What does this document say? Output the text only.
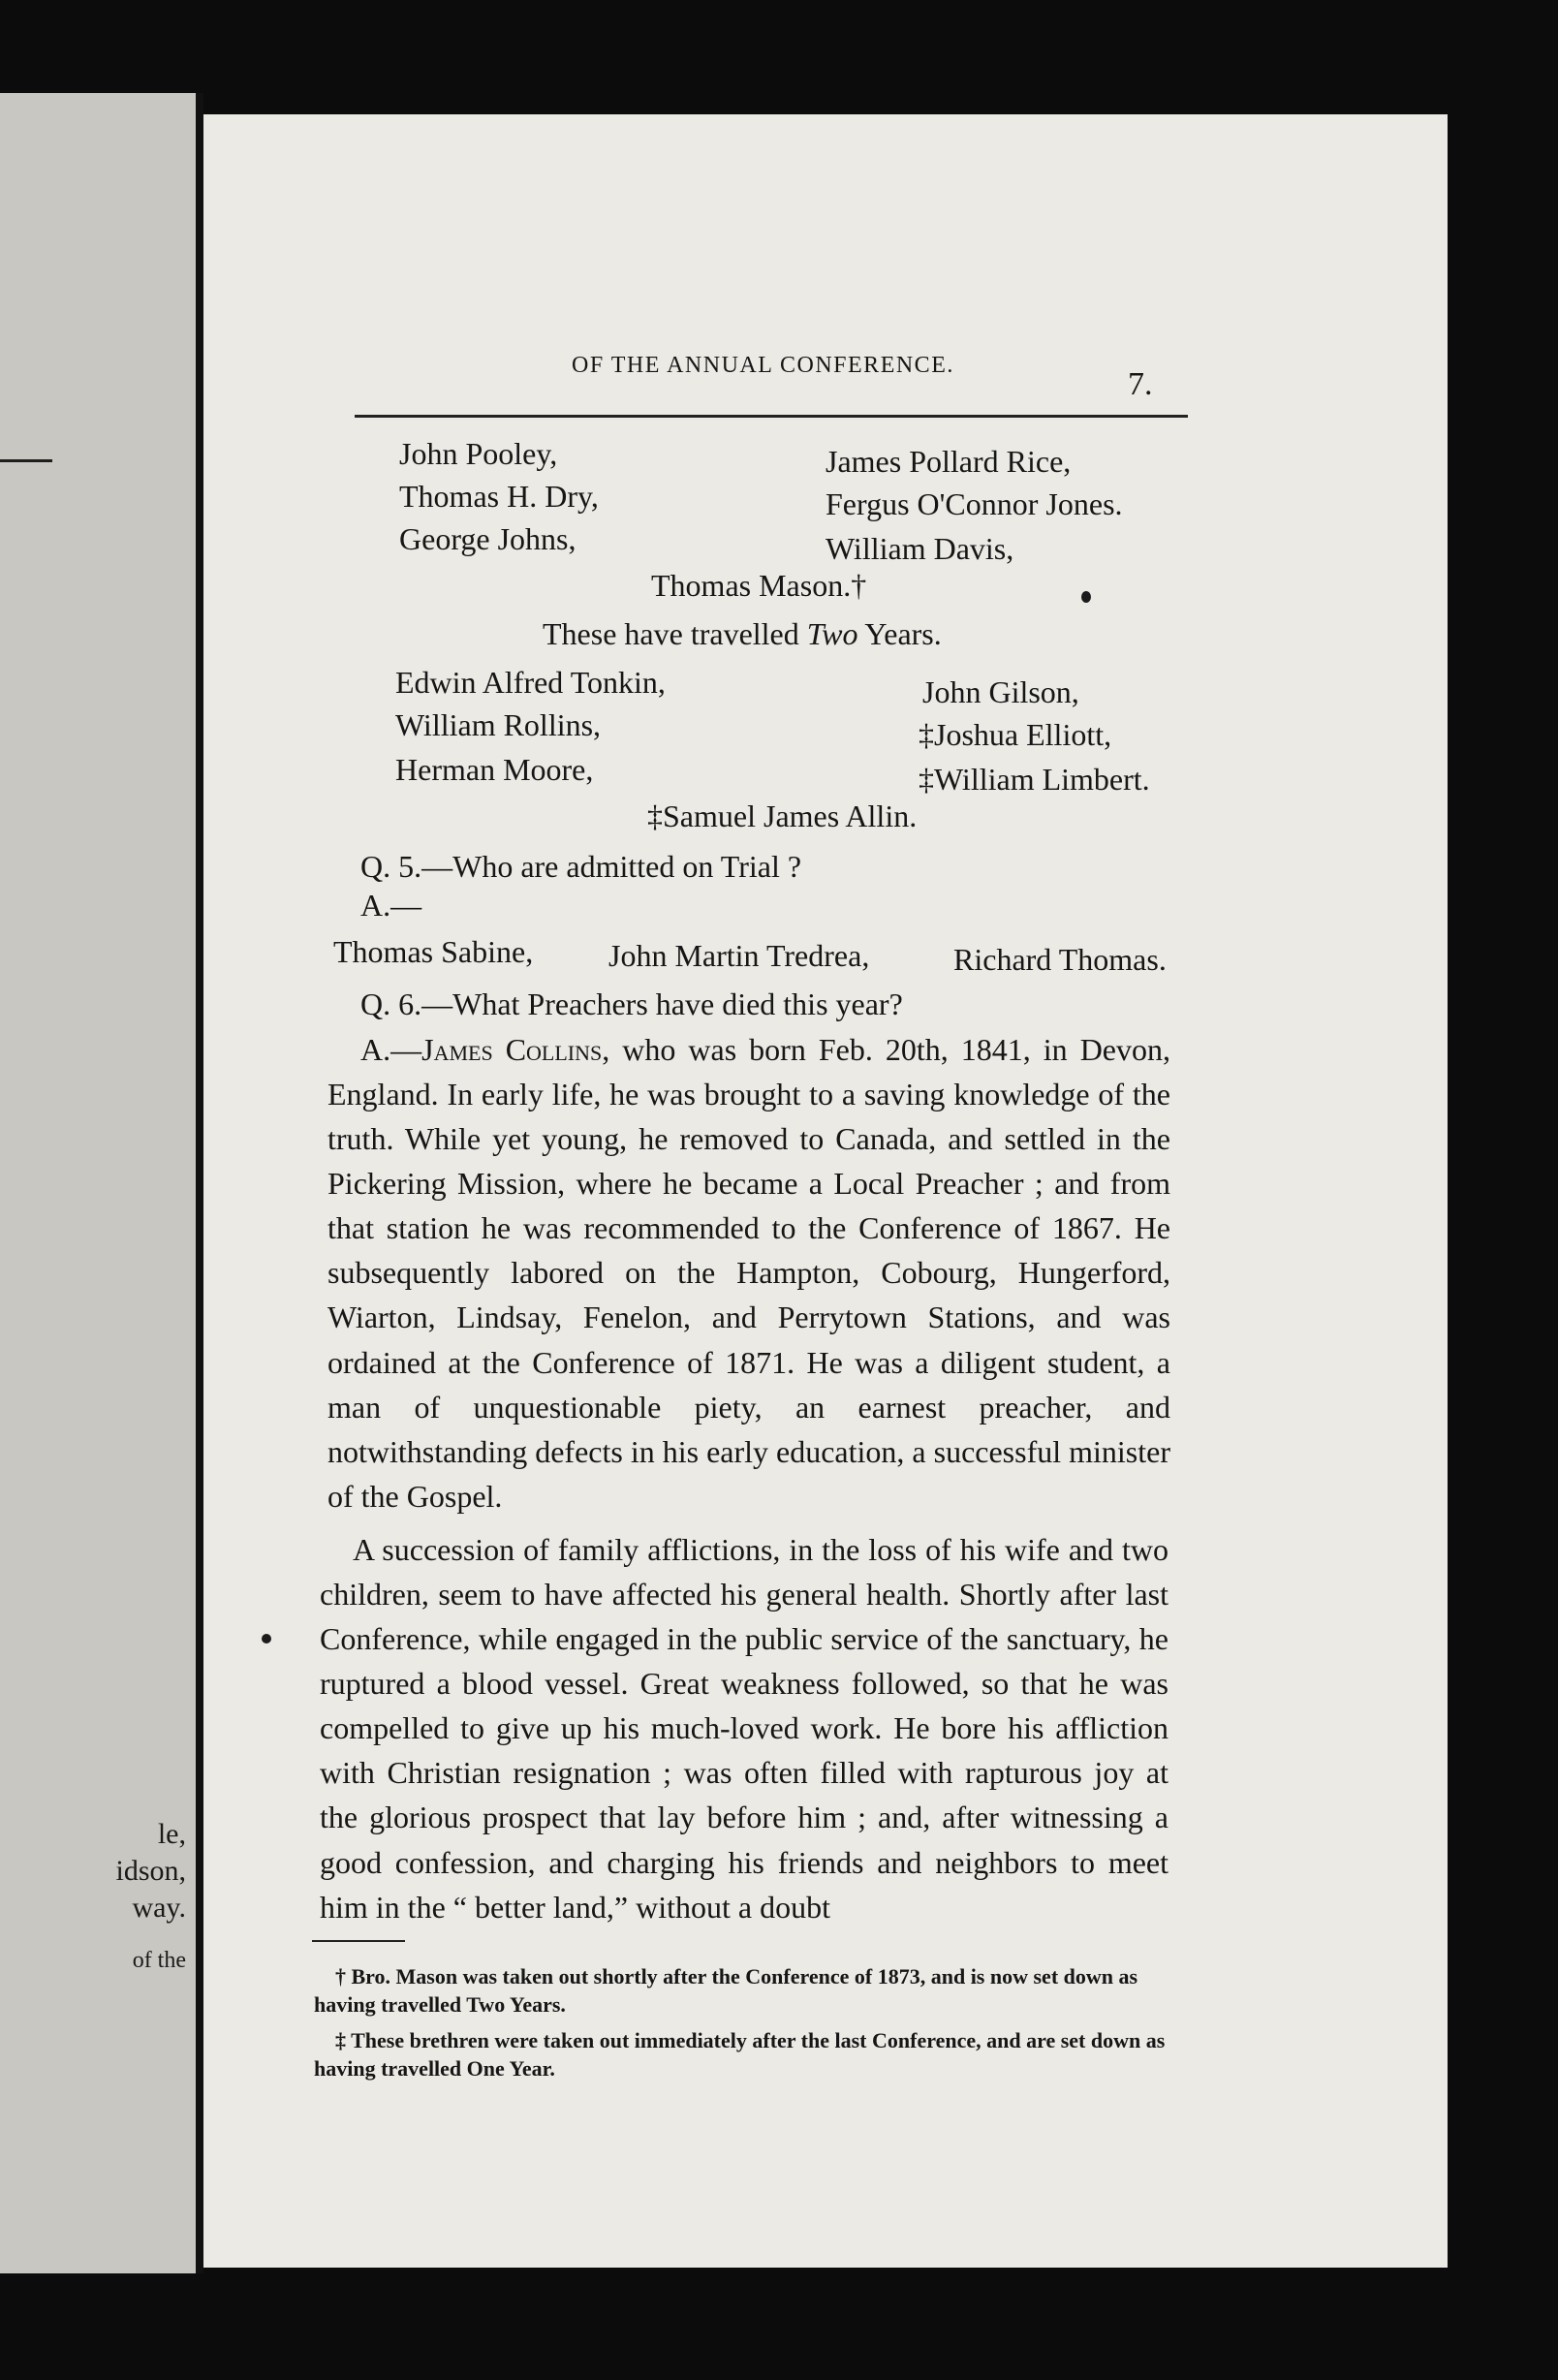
le,
idson,
way.
of the
OF THE ANNUAL CONFERENCE.
7.
John Pooley,
Thomas H. Dry,
George Johns,
James Pollard Rice,
Fergus O'Connor Jones.
William Davis,
Thomas Mason.†
These have travelled Two Years.
Edwin Alfred Tonkin,
William Rollins,
Herman Moore,
John Gilson,
‡Joshua Elliott,
‡William Limbert.
‡Samuel James Allin.
Q. 5.—Who are admitted on Trial ?
A.—
Thomas Sabine, John Martin Tredrea,	Richard Thomas.
Q. 6.—What Preachers have died this year?

A.—James Collins, who was born Feb. 20th, 1841, in Devon, England. In early life, he was brought to a saving knowledge of the truth. While yet young, he removed to Canada, and settled in the Pickering Mission, where he became a Local Preacher ; and from that station he was recommended to the Conference of 1867. He subsequently labored on the Hampton, Cobourg, Hungerford, Wiarton, Lindsay, Fenelon, and Perrytown Stations, and was ordained at the Conference of 1871. He was a diligent student, a man of unquestionable piety, an earnest preacher, and notwithstanding defects in his early education, a successful minister of the Gospel.

A succession of family afflictions, in the loss of his wife and two children, seem to have affected his general health. Shortly after last Conference, while engaged in the public service of the sanctuary, he ruptured a blood vessel. Great weakness followed, so that he was compelled to give up his much-loved work. He bore his affliction with Christian resignation ; was often filled with rapturous joy at the glorious prospect that lay before him ; and, after witnessing a good confession, and charging his friends and neighbors to meet him in the “ better land,” without a doubt

† Bro. Mason was taken out shortly after the Conference of 1873, and is now set down as having travelled Two Years.

‡ These brethren were taken out immediately after the last Conference, and are set down as having travelled One Year.
